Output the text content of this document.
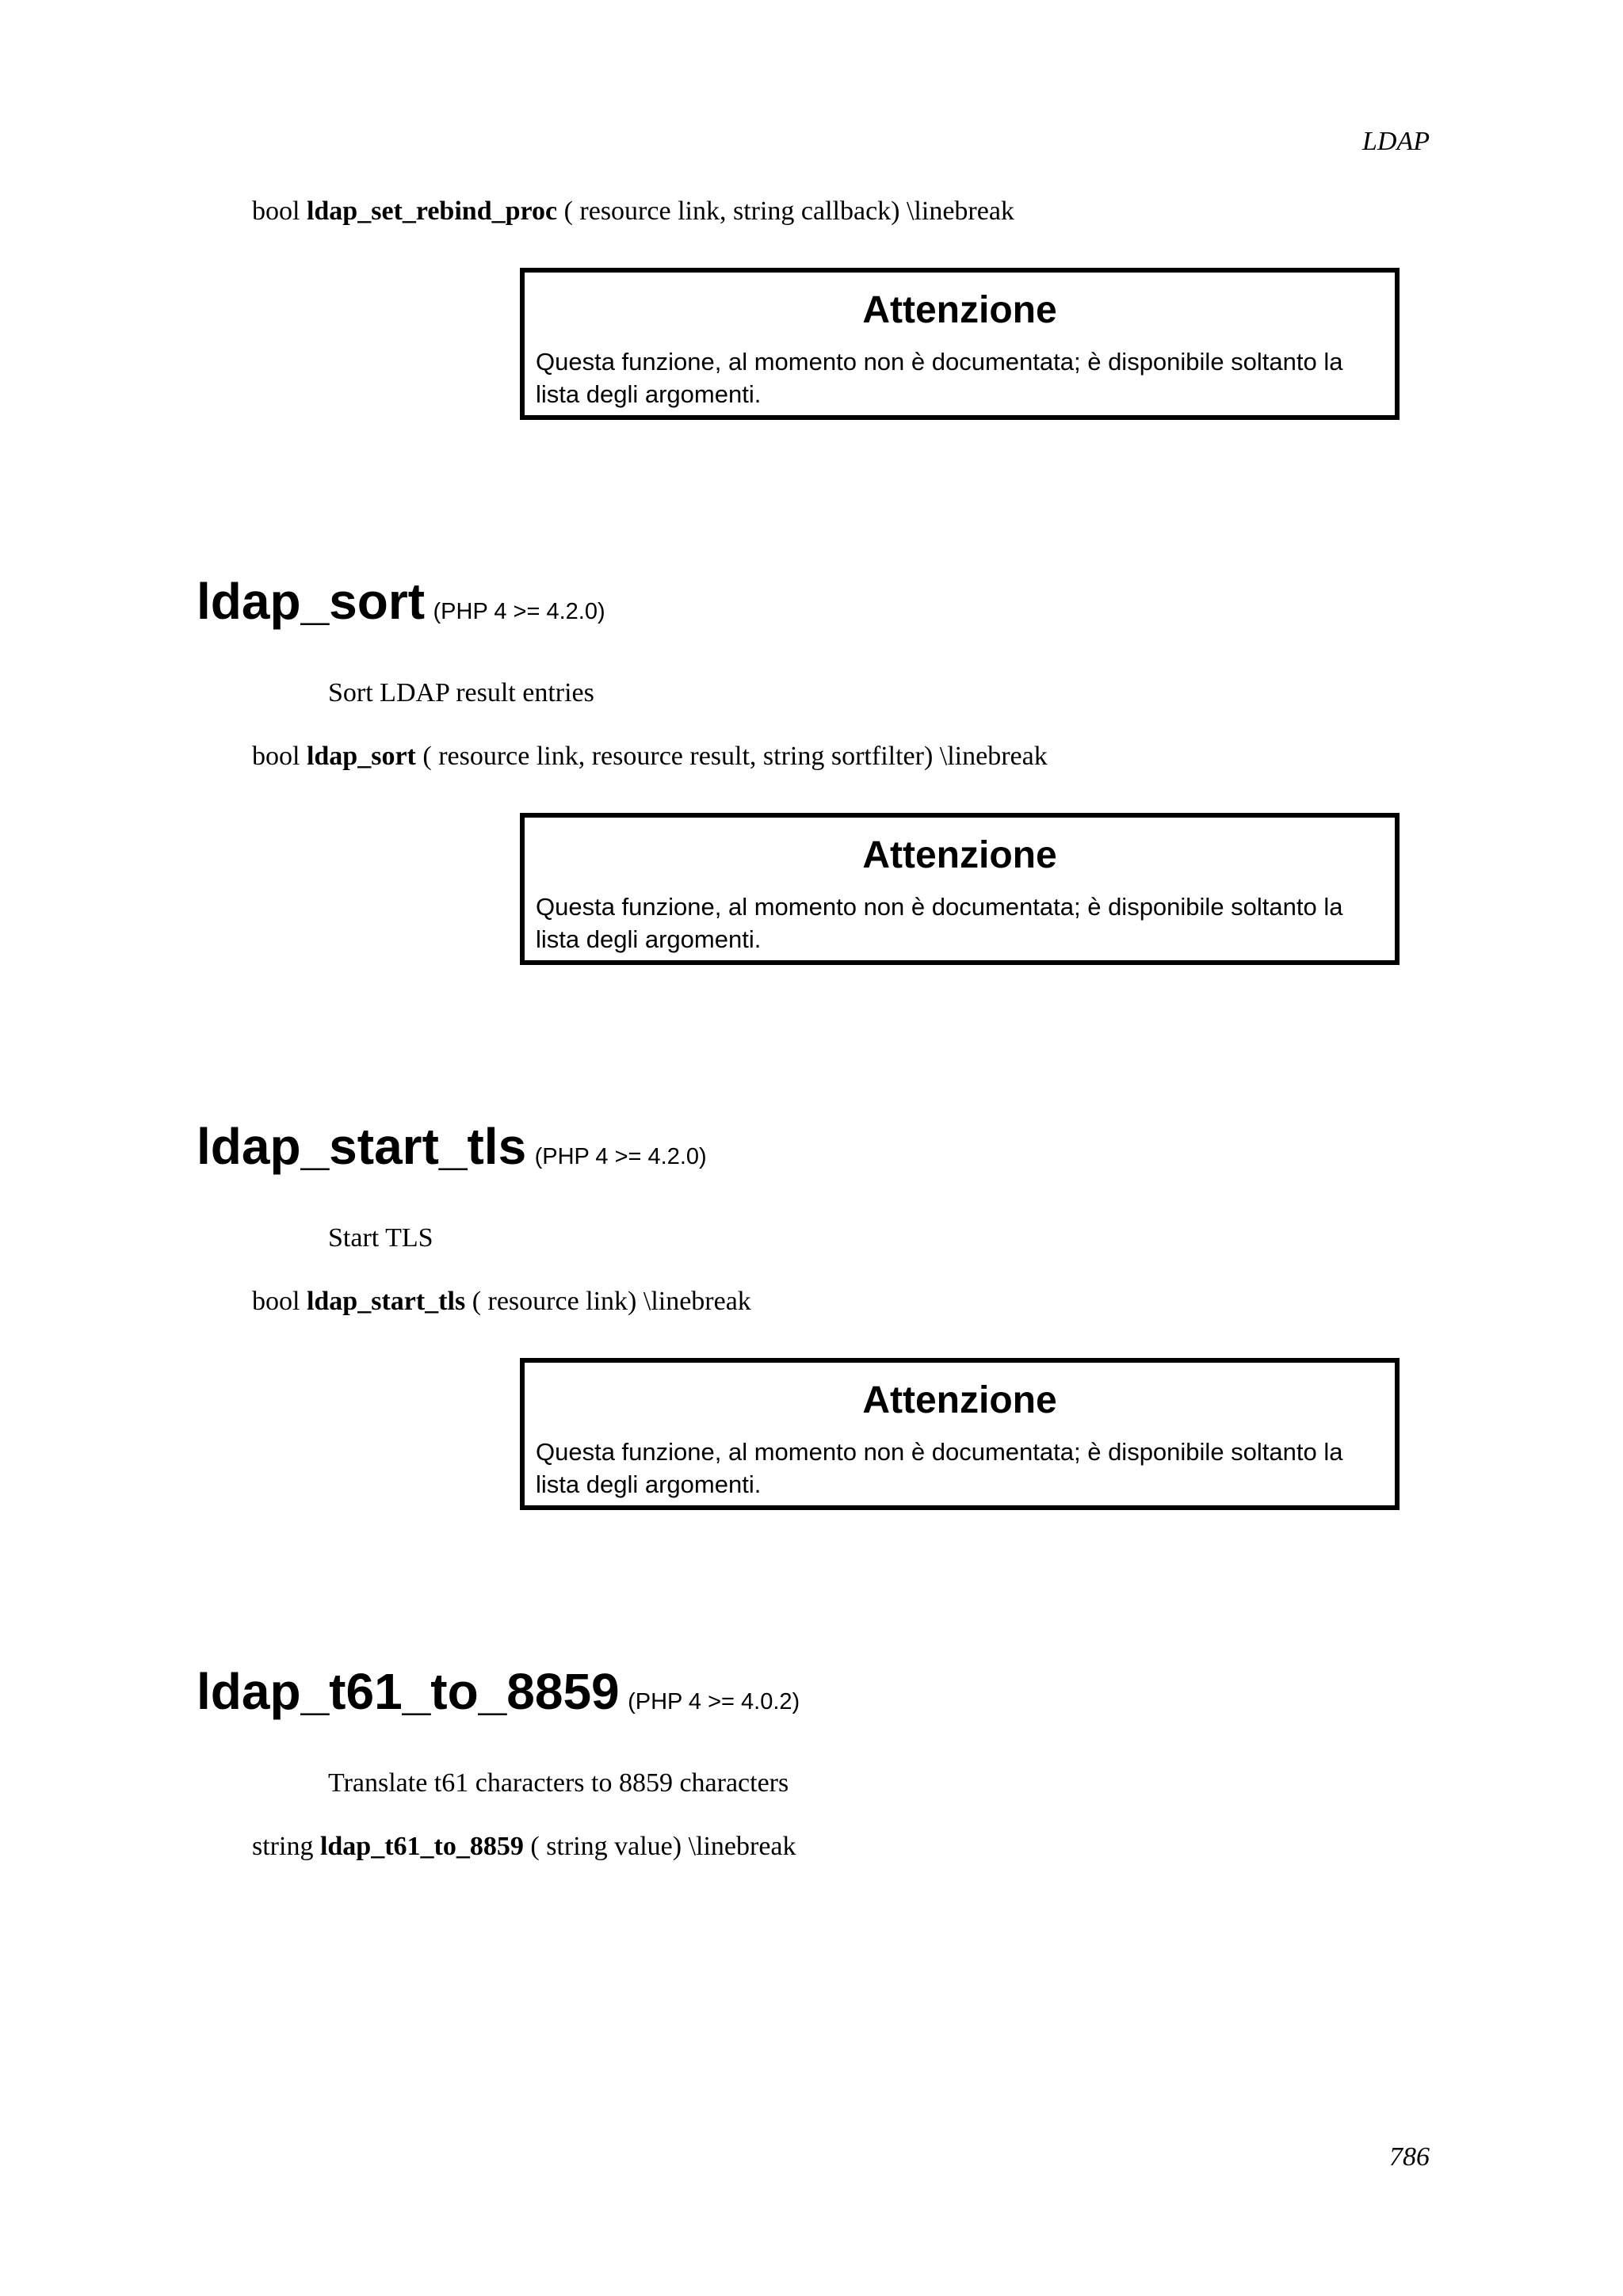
LDAP
bool ldap_set_rebind_proc ( resource link, string callback) \linebreak
Attenzione
Questa funzione, al momento non è documentata; è disponibile soltanto la lista degli argomenti.
ldap_sort (PHP 4 >= 4.2.0)
Sort LDAP result entries
bool ldap_sort ( resource link, resource result, string sortfilter) \linebreak
Attenzione
Questa funzione, al momento non è documentata; è disponibile soltanto la lista degli argomenti.
ldap_start_tls (PHP 4 >= 4.2.0)
Start TLS
bool ldap_start_tls ( resource link) \linebreak
Attenzione
Questa funzione, al momento non è documentata; è disponibile soltanto la lista degli argomenti.
ldap_t61_to_8859 (PHP 4 >= 4.0.2)
Translate t61 characters to 8859 characters
string ldap_t61_to_8859 ( string value) \linebreak
786
